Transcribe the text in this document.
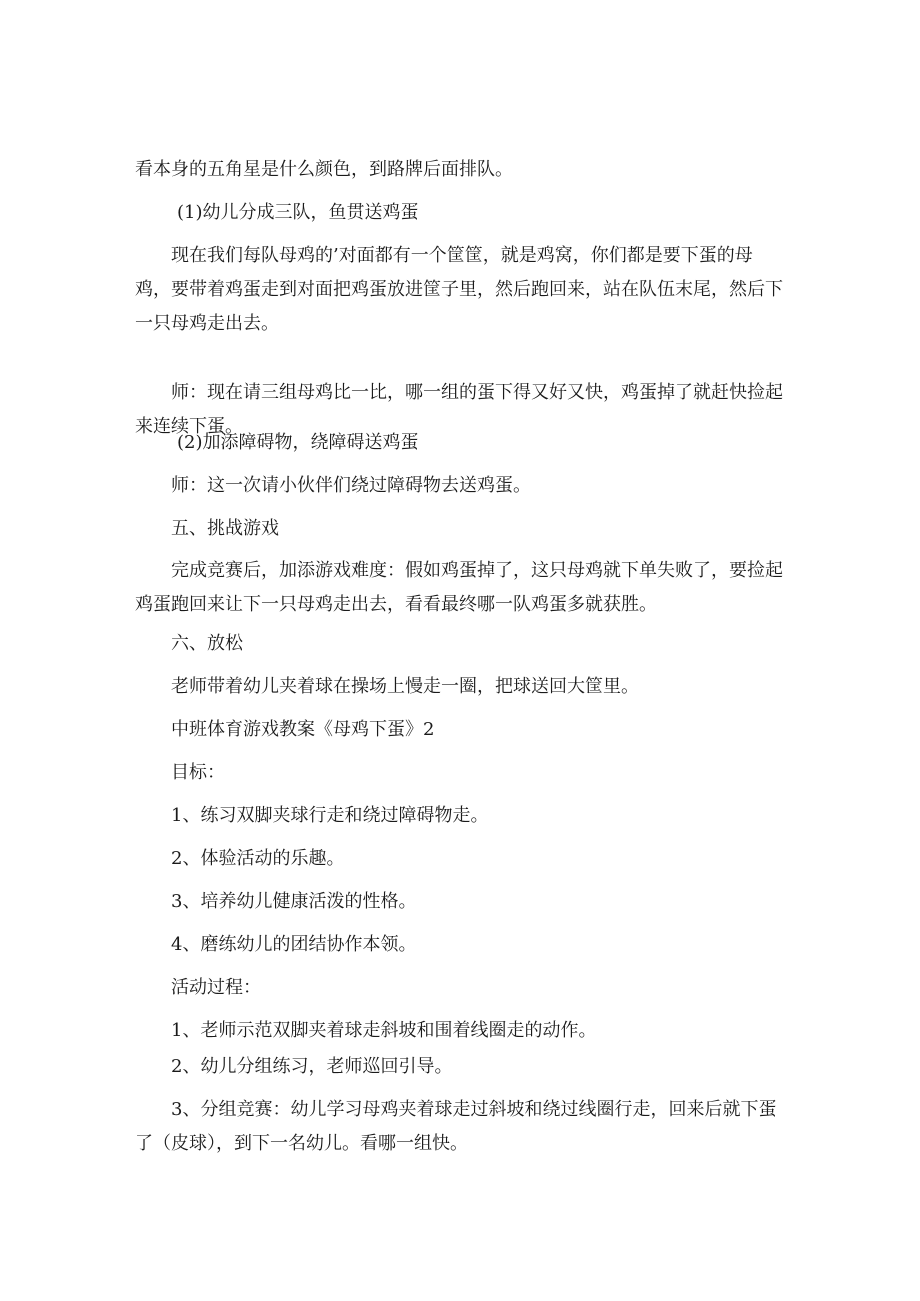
看本身的五角星是什么颜色，到路牌后面排队。

(1)幼儿分成三队，鱼贯送鸡蛋

现在我们每队母鸡的’对面都有一个筐筐，就是鸡窝，你们都是要下蛋的母鸡，要带着鸡蛋走到对面把鸡蛋放进筐子里，然后跑回来，站在队伍末尾，然后下一只母鸡走出去。

师：现在请三组母鸡比一比，哪一组的蛋下得又好又快，鸡蛋掉了就赶快捡起来连续下蛋。

(2)加添障碍物，绕障碍送鸡蛋

师：这一次请小伙伴们绕过障碍物去送鸡蛋。

五、挑战游戏

完成竞赛后，加添游戏难度：假如鸡蛋掉了，这只母鸡就下单失败了，要捡起鸡蛋跑回来让下一只母鸡走出去，看看最终哪一队鸡蛋多就获胜。

六、放松

老师带着幼儿夹着球在操场上慢走一圈，把球送回大筐里。

中班体育游戏教案《母鸡下蛋》2

目标：

1、练习双脚夹球行走和绕过障碍物走。

2、体验活动的乐趣。

3、培养幼儿健康活泼的性格。

4、磨练幼儿的团结协作本领。

活动过程：

1、老师示范双脚夹着球走斜坡和围着线圈走的动作。

2、幼儿分组练习，老师巡回引导。

3、分组竞赛：幼儿学习母鸡夹着球走过斜坡和绕过线圈行走，回来后就下蛋了（皮球），到下一名幼儿。看哪一组快。
